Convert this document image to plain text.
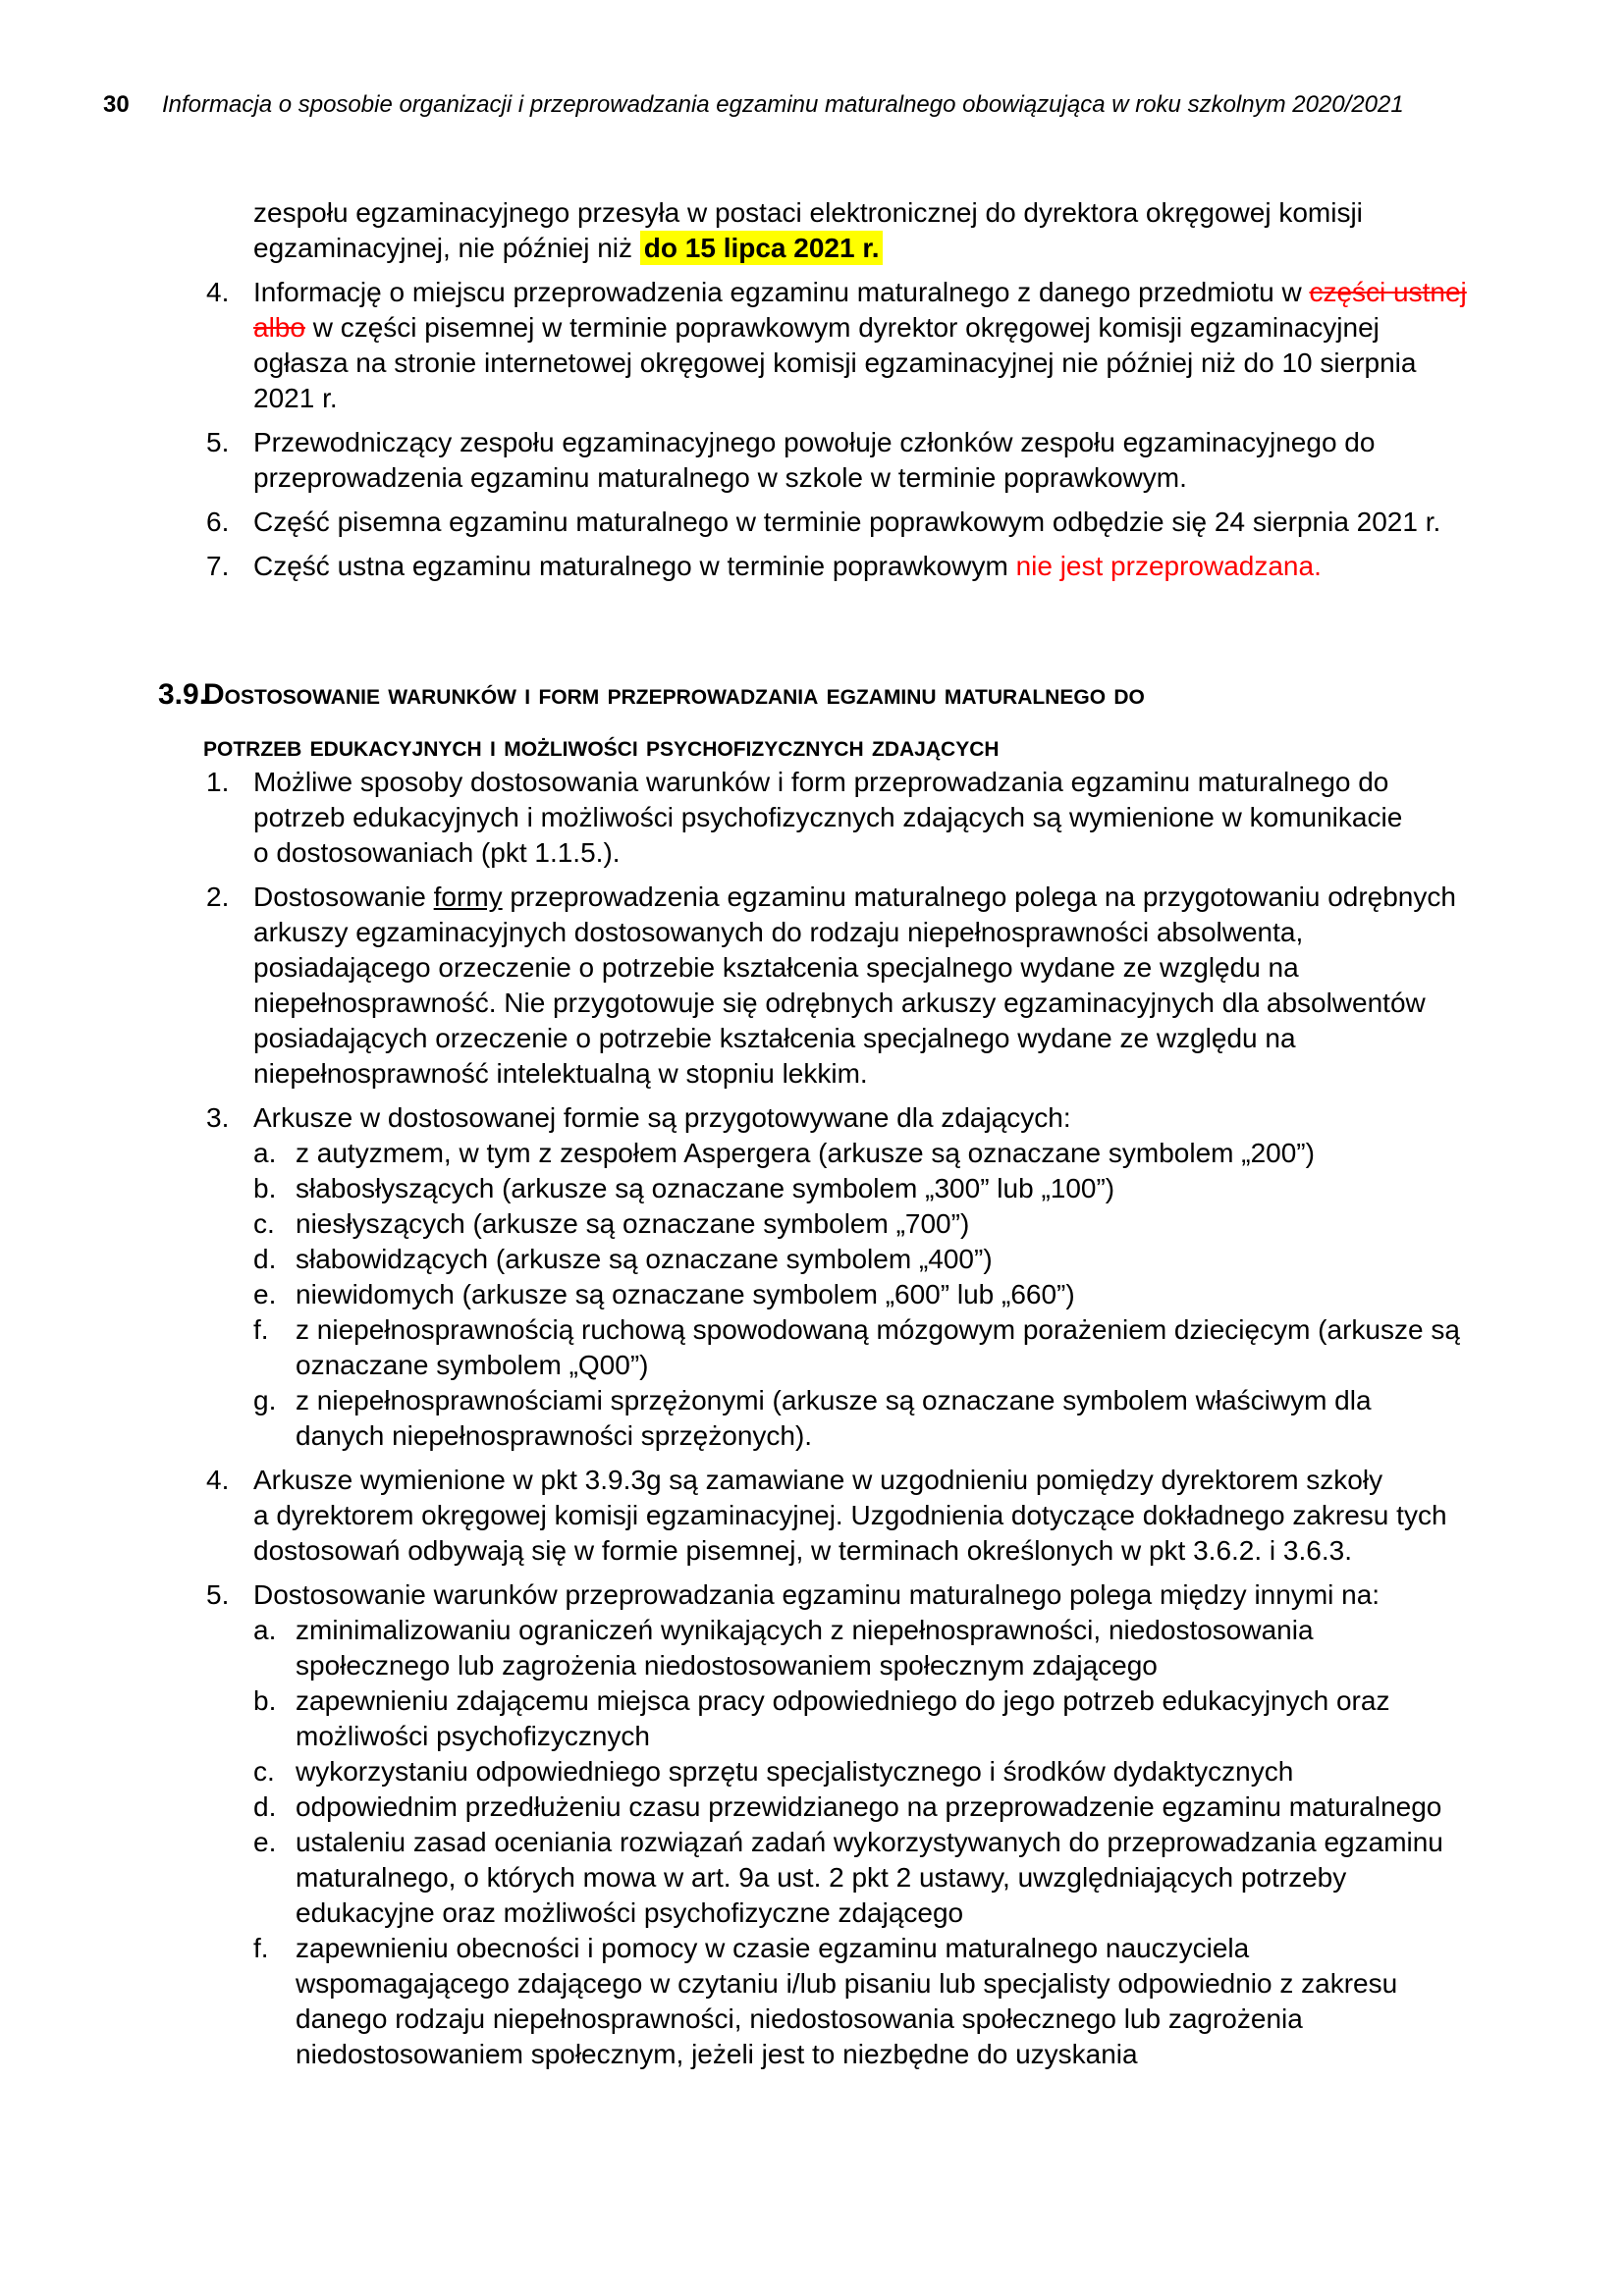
30 Informacja o sposobie organizacji i przeprowadzania egzaminu maturalnego obowiązująca w roku szkolnym 2020/2021
zespołu egzaminacyjnego przesyła w postaci elektronicznej do dyrektora okręgowej komisji egzaminacyjnej, nie później niż do 15 lipca 2021 r.
4. Informację o miejscu przeprowadzenia egzaminu maturalnego z danego przedmiotu w części ustnej albo w części pisemnej w terminie poprawkowym dyrektor okręgowej komisji egzaminacyjnej ogłasza na stronie internetowej okręgowej komisji egzaminacyjnej nie później niż do 10 sierpnia 2021 r.
5. Przewodniczący zespołu egzaminacyjnego powołuje członków zespołu egzaminacyjnego do przeprowadzenia egzaminu maturalnego w szkole w terminie poprawkowym.
6. Część pisemna egzaminu maturalnego w terminie poprawkowym odbędzie się 24 sierpnia 2021 r.
7. Część ustna egzaminu maturalnego w terminie poprawkowym nie jest przeprowadzana.
3.9.
Dostosowanie warunków i form przeprowadzania egzaminu maturalnego do
potrzeb edukacyjnych i możliwości psychofizycznych zdających
1. Możliwe sposoby dostosowania warunków i form przeprowadzania egzaminu maturalnego do potrzeb edukacyjnych i możliwości psychofizycznych zdających są wymienione w komunikacie o dostosowaniach (pkt 1.1.5.).
2. Dostosowanie formy przeprowadzenia egzaminu maturalnego polega na przygotowaniu odrębnych arkuszy egzaminacyjnych dostosowanych do rodzaju niepełnosprawności absolwenta, posiadającego orzeczenie o potrzebie kształcenia specjalnego wydane ze względu na niepełnosprawność. Nie przygotowuje się odrębnych arkuszy egzaminacyjnych dla absolwentów posiadających orzeczenie o potrzebie kształcenia specjalnego wydane ze względu na niepełnosprawność intelektualną w stopniu lekkim.
3. Arkusze w dostosowanej formie są przygotowywane dla zdających:
a. z autyzmem, w tym z zespołem Aspergera (arkusze są oznaczane symbolem „200”)
b. słabosłyszących (arkusze są oznaczane symbolem „300” lub „100”)
c. niesłyszących (arkusze są oznaczane symbolem „700”)
d. słabowidzących (arkusze są oznaczane symbolem „400”)
e. niewidomych (arkusze są oznaczane symbolem „600” lub „660”)
f. z niepełnosprawnością ruchową spowodowaną mózgowym porażeniem dziecięcym (arkusze są oznaczane symbolem „Q00”)
g. z niepełnosprawnościami sprzężonymi (arkusze są oznaczane symbolem właściwym dla danych niepełnosprawności sprzężonych).
4. Arkusze wymienione w pkt 3.9.3g są zamawiane w uzgodnieniu pomiędzy dyrektorem szkoły a dyrektorem okręgowej komisji egzaminacyjnej. Uzgodnienia dotyczące dokładnego zakresu tych dostosowań odbywają się w formie pisemnej, w terminach określonych w pkt 3.6.2. i 3.6.3.
5. Dostosowanie warunków przeprowadzania egzaminu maturalnego polega między innymi na:
a. zminimalizowaniu ograniczeń wynikających z niepełnosprawności, niedostosowania społecznego lub zagrożenia niedostosowaniem społecznym zdającego
b. zapewnieniu zdającemu miejsca pracy odpowiedniego do jego potrzeb edukacyjnych oraz możliwości psychofizycznych
c. wykorzystaniu odpowiedniego sprzętu specjalistycznego i środków dydaktycznych
d. odpowiednim przedłużeniu czasu przewidzianego na przeprowadzenie egzaminu maturalnego
e. ustaleniu zasad oceniania rozwiązań zadań wykorzystywanych do przeprowadzania egzaminu maturalnego, o których mowa w art. 9a ust. 2 pkt 2 ustawy, uwzględniających potrzeby edukacyjne oraz możliwości psychofizyczne zdającego
f. zapewnieniu obecności i pomocy w czasie egzaminu maturalnego nauczyciela wspomagającego zdającego w czytaniu i/lub pisaniu lub specjalisty odpowiednio z zakresu danego rodzaju niepełnosprawności, niedostosowania społecznego lub zagrożenia niedostosowaniem społecznym, jeżeli jest to niezbędne do uzyskania
